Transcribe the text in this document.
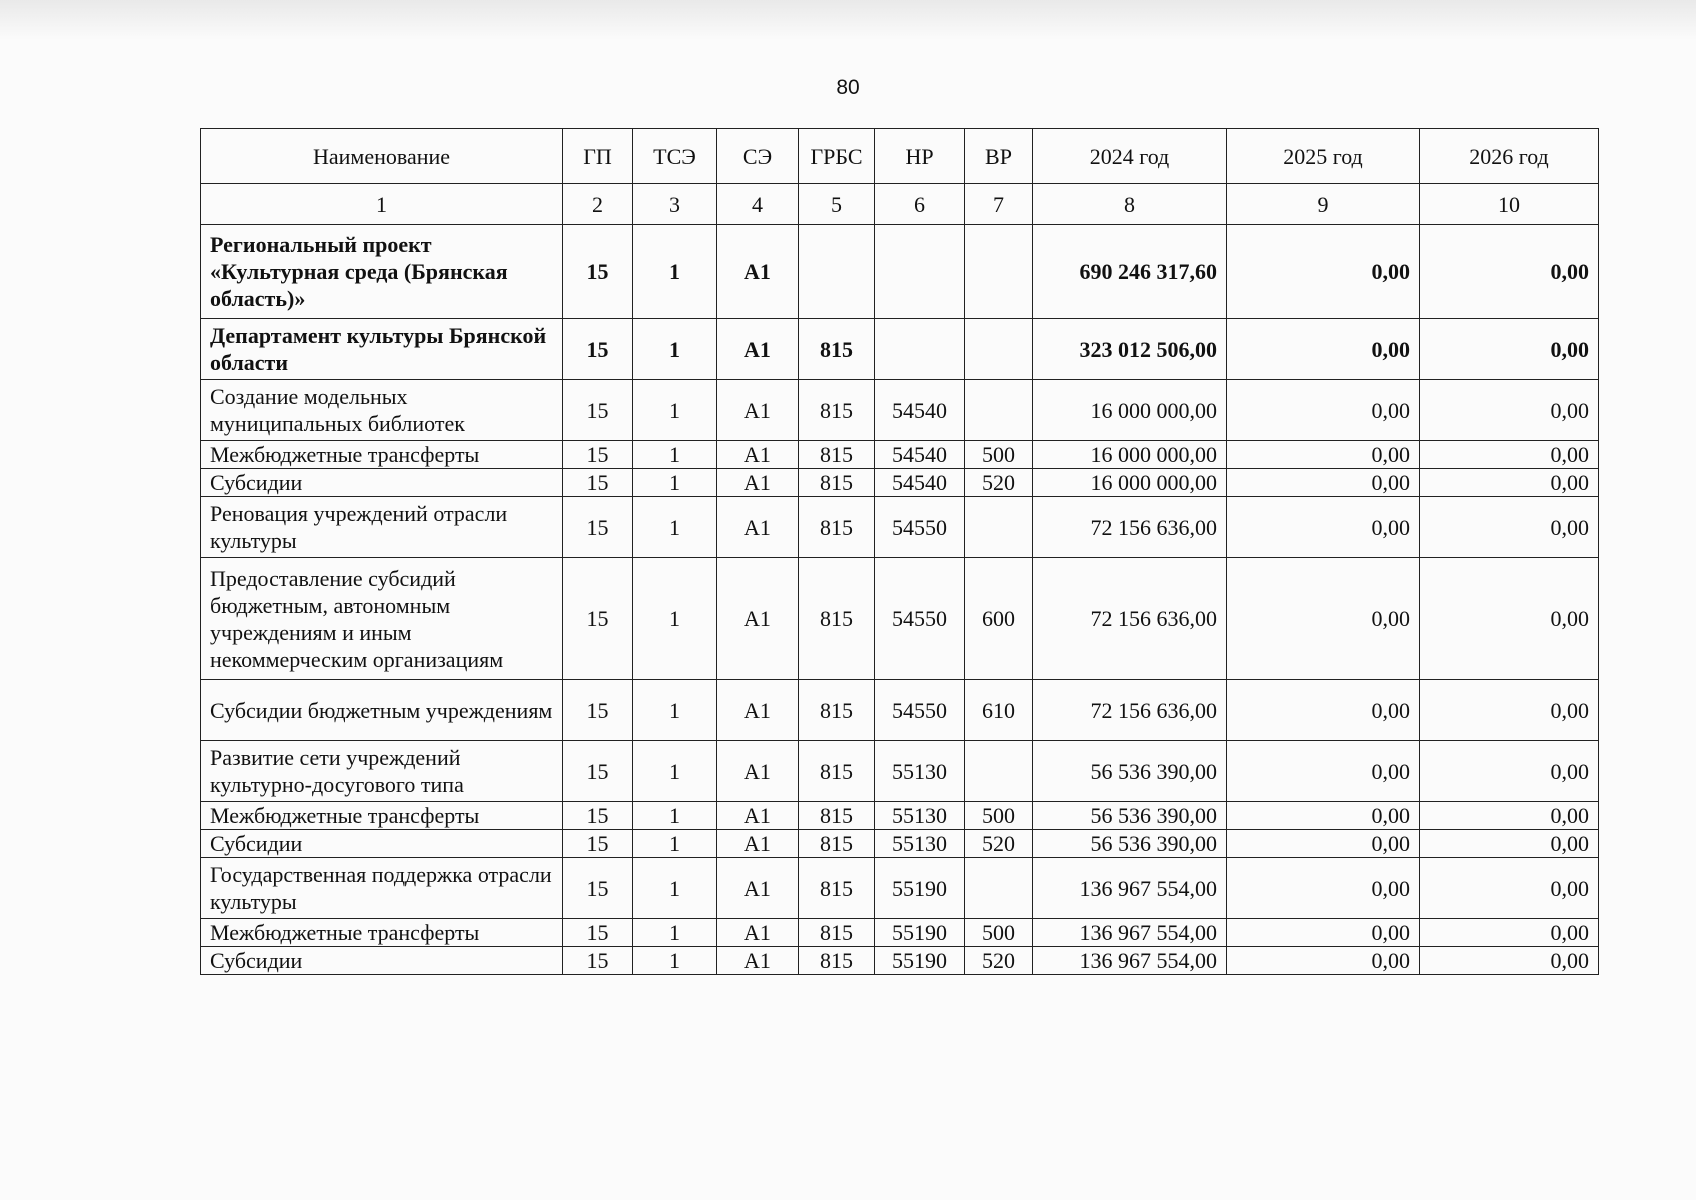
80
Наименование	ГП	ТСЭ	СЭ	ГРБС	НР	ВР	2024 год	2025 год	2026 год
1	2	3	4	5	6	7	8	9	10
Региональный проект «Культурная среда (Брянская область)»	15	1	А1				690 246 317,60	0,00	0,00
Департамент культуры Брянской области	15	1	А1	815			323 012 506,00	0,00	0,00
Создание модельных муниципальных библиотек	15	1	А1	815	54540		16 000 000,00	0,00	0,00
Межбюджетные трансферты	15	1	А1	815	54540	500	16 000 000,00	0,00	0,00
Субсидии	15	1	А1	815	54540	520	16 000 000,00	0,00	0,00
Реновация учреждений отрасли культуры	15	1	А1	815	54550		72 156 636,00	0,00	0,00
Предоставление субсидий бюджетным, автономным учреждениям и иным некоммерческим организациям	15	1	А1	815	54550	600	72 156 636,00	0,00	0,00
Субсидии бюджетным учреждениям	15	1	А1	815	54550	610	72 156 636,00	0,00	0,00
Развитие сети учреждений культурно-досугового типа	15	1	А1	815	55130		56 536 390,00	0,00	0,00
Межбюджетные трансферты	15	1	А1	815	55130	500	56 536 390,00	0,00	0,00
Субсидии	15	1	А1	815	55130	520	56 536 390,00	0,00	0,00
Государственная поддержка отрасли культуры	15	1	А1	815	55190		136 967 554,00	0,00	0,00
Межбюджетные трансферты	15	1	А1	815	55190	500	136 967 554,00	0,00	0,00
Субсидии	15	1	А1	815	55190	520	136 967 554,00	0,00	0,00
